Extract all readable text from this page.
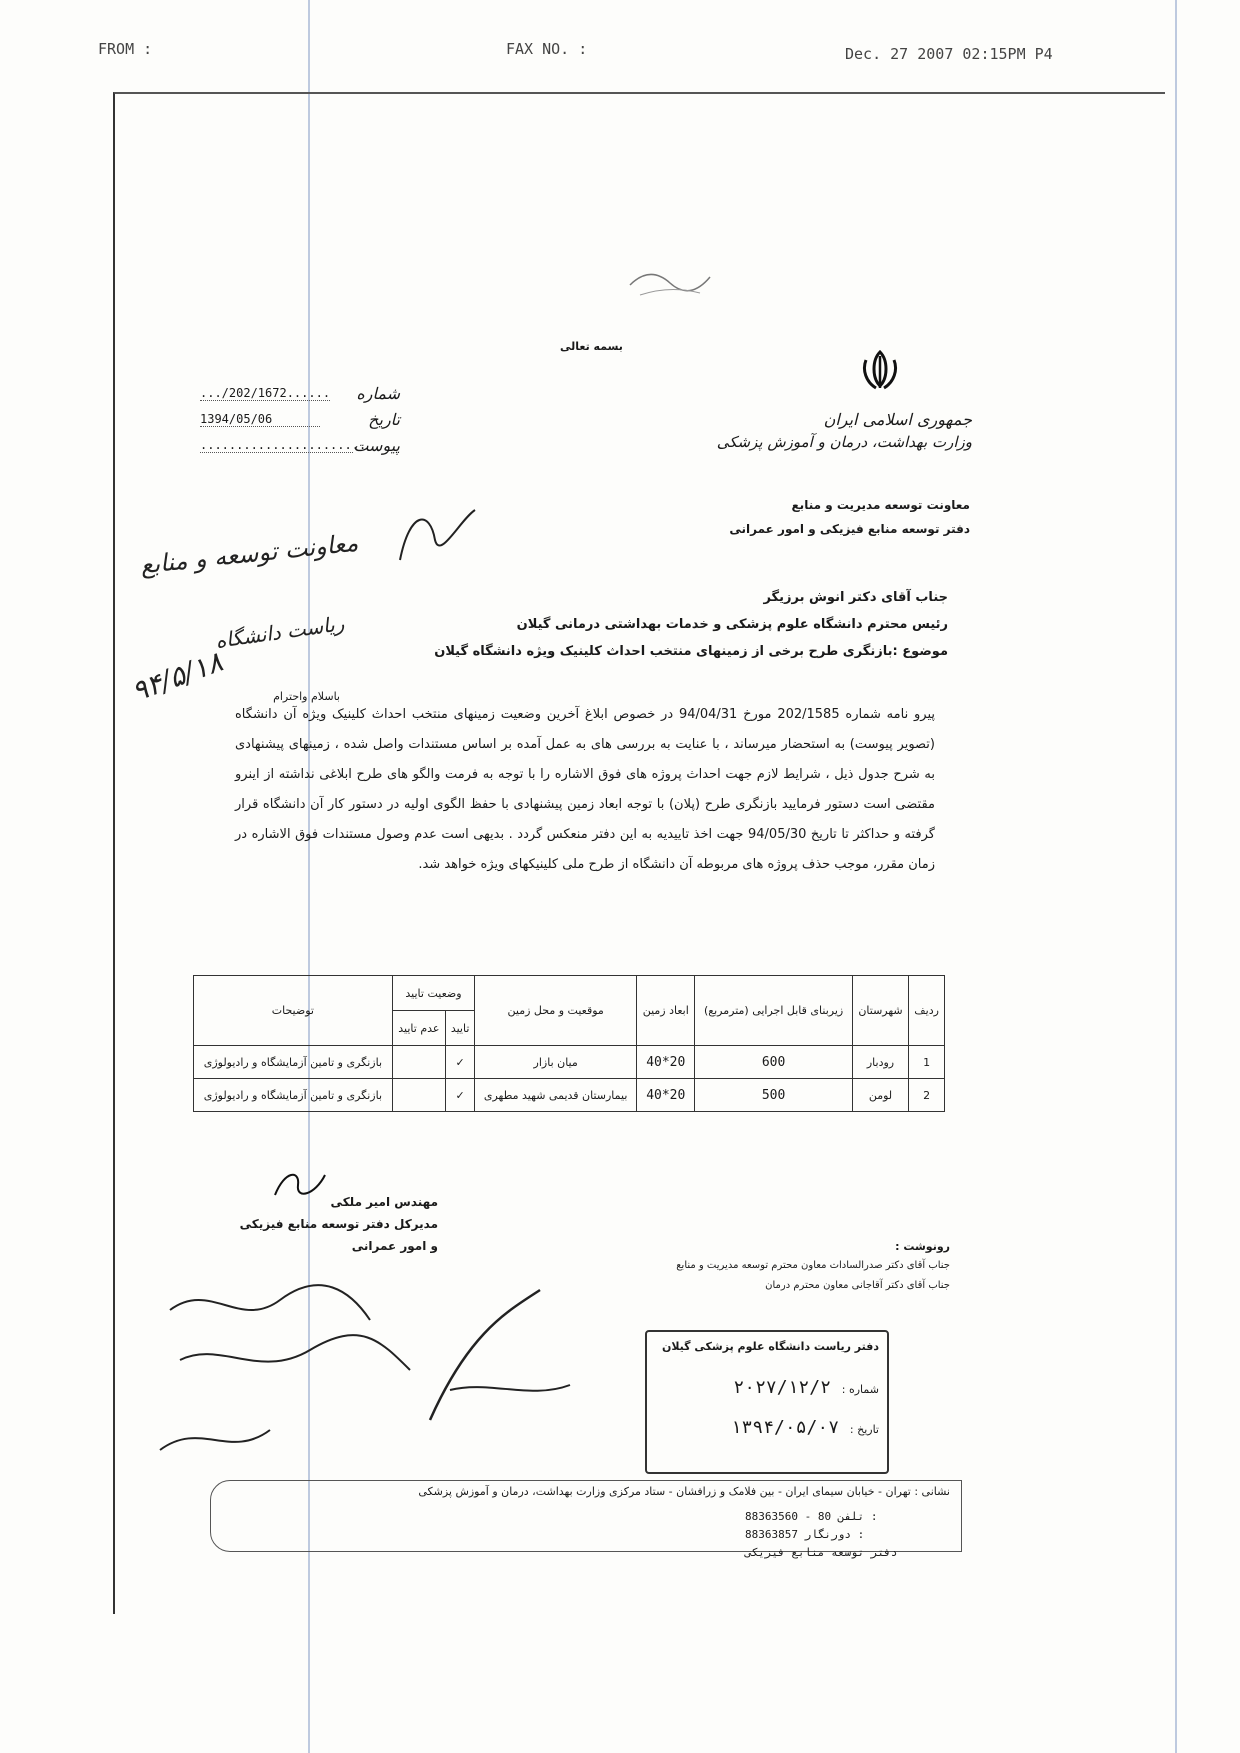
FROM :	FAX NO. :	Dec. 27 2007 02:15PM P4
بسمه تعالی
جمهوری اسلامی ایران
وزارت بهداشت، درمان و آموزش پزشکی
معاونت توسعه مدیریت و منابع
دفتر توسعه منابع فیزیکی و امور عمرانی
.../202/1672...... شماره
1394/05/06	تاریخ
.......................
پیوست
معاونت توسعه و منابع
۹۴/۵/۱۸
ریاست دانشگاه
جناب آقای دکتر انوش برزیگر
رئیس محترم دانشگاه علوم پزشکی و خدمات بهداشتی درمانی گیلان
موضوع :بازنگری طرح برخی از زمینهای منتخب احداث کلینیک ویژه دانشگاه گیلان
باسلام واحترام
پیرو نامه شماره 202/1585 مورخ 94/04/31 در خصوص ابلاغ آخرین وضعیت زمینهای منتخب احداث کلینیک ویژه آن دانشگاه (تصویر پیوست) به استحضار میرساند ، با عنایت به بررسی های به عمل آمده بر اساس مستندات واصل شده ، زمینهای پیشنهادی به شرح جدول ذیل ، شرایط لازم جهت احداث پروژه های فوق الاشاره را با توجه به فرمت والگو های طرح ابلاغی نداشته از اینرو مقتضی است دستور فرمایید بازنگری طرح (پلان) با توجه ابعاد زمین پیشنهادی با حفظ الگوی اولیه در دستور کار آن دانشگاه قرار گرفته و حداکثر تا تاریخ 94/05/30 جهت اخذ تاییدیه به این دفتر منعکس گردد . بدیهی است عدم وصول مستندات فوق الاشاره در زمان مقرر، موجب حذف پروژه های مربوطه آن دانشگاه از طرح ملی کلینیکهای ویژه خواهد شد.
ردیف	شهرستان	زیربنای قابل اجرایی (مترمربع)	ابعاد زمین	موقعیت و محل زمین	وضعیت تایید		توضیحات
					تایید	عدم تایید	
1	رودبار	600	20*40	میان بازار	✓		بازنگری و تامین آزمایشگاه و رادیولوژی
2	لومن	500	20*40	بیمارستان قدیمی شهید مطهری	✓		بازنگری و تامین آزمایشگاه و رادیولوژی
مهندس امیر ملکی
مدیرکل دفتر توسعه منابع فیزیکی
و امور عمرانی	رونوشت :
جناب آقای دکتر صدرالسادات معاون محترم توسعه مدیریت و منابع
جناب آقای دکتر آقاجانی معاون محترم درمان
دفتر ریاست دانشگاه علوم پزشکی گیلان
شماره : ۲۰۲۷/۱۲/۲
تاریخ : ۱۳۹۴/۰۵/۰۷
نشانی : تهران - خیابان سیمای ایران - بین فلامک و زرافشان - ستاد مرکزی وزارت بهداشت، درمان و آموزش پزشکی
88363560 - 80 تلفن :
88363857 دورنگار :
دفتر توسعه منابع فیزیکی
